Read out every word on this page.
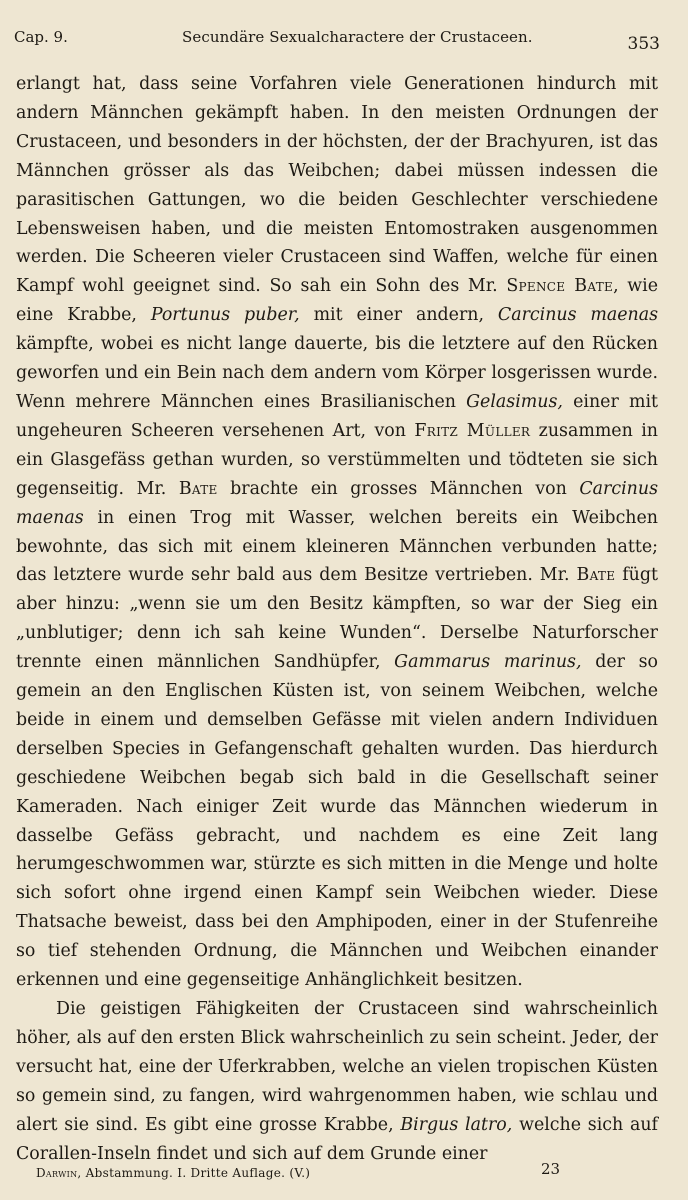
Cap. 9.	Secundäre Sexualcharactere der Crustaceen.	353

erlangt hat, dass seine Vorfahren viele Generationen hindurch mit andern Männchen gekämpft haben. In den meisten Ordnungen der Crustaceen, und besonders in der höchsten, der der Brachyuren, ist das Männchen grösser als das Weibchen; dabei müssen indessen die parasitischen Gattungen, wo die beiden Geschlechter verschiedene Lebensweisen haben, und die meisten Entomostraken ausgenommen werden. Die Scheeren vieler Crustaceen sind Waffen, welche für einen Kampf wohl geeignet sind. So sah ein Sohn des Mr. Spence Bate, wie eine Krabbe, Portunus puber, mit einer andern, Carcinus maenas kämpfte, wobei es nicht lange dauerte, bis die letztere auf den Rücken geworfen und ein Bein nach dem andern vom Körper losgerissen wurde. Wenn mehrere Männchen eines Brasilianischen Gelasimus, einer mit ungeheuren Scheeren versehenen Art, von Fritz Müller zusammen in ein Glasgefäss gethan wurden, so verstümmelten und tödteten sie sich gegenseitig. Mr. Bate brachte ein grosses Männchen von Carcinus maenas in einen Trog mit Wasser, welchen bereits ein Weibchen bewohnte, das sich mit einem kleineren Männchen verbunden hatte; das letztere wurde sehr bald aus dem Besitze vertrieben. Mr. Bate fügt aber hinzu: „wenn sie um den Besitz kämpften, so war der Sieg ein „unblutiger; denn ich sah keine Wunden“. Derselbe Naturforscher trennte einen männlichen Sandhüpfer, Gammarus marinus, der so gemein an den Englischen Küsten ist, von seinem Weibchen, welche beide in einem und demselben Gefässe mit vielen andern Individuen derselben Species in Gefangenschaft gehalten wurden. Das hierdurch geschiedene Weibchen begab sich bald in die Gesellschaft seiner Kameraden. Nach einiger Zeit wurde das Männchen wiederum in dasselbe Gefäss gebracht, und nachdem es eine Zeit lang herumgeschwommen war, stürzte es sich mitten in die Menge und holte sich sofort ohne irgend einen Kampf sein Weibchen wieder. Diese Thatsache beweist, dass bei den Amphipoden, einer in der Stufenreihe so tief stehenden Ordnung, die Männchen und Weibchen einander erkennen und eine gegenseitige Anhänglichkeit besitzen.

Die geistigen Fähigkeiten der Crustaceen sind wahrscheinlich höher, als auf den ersten Blick wahrscheinlich zu sein scheint. Jeder, der versucht hat, eine der Uferkrabben, welche an vielen tropischen Küsten so gemein sind, zu fangen, wird wahrgenommen haben, wie schlau und alert sie sind. Es gibt eine grosse Krabbe, Birgus latro, welche sich auf Corallen-Inseln findet und sich auf dem Grunde einer

Darwin, Abstammung. I. Dritte Auflage. (V.)	23
